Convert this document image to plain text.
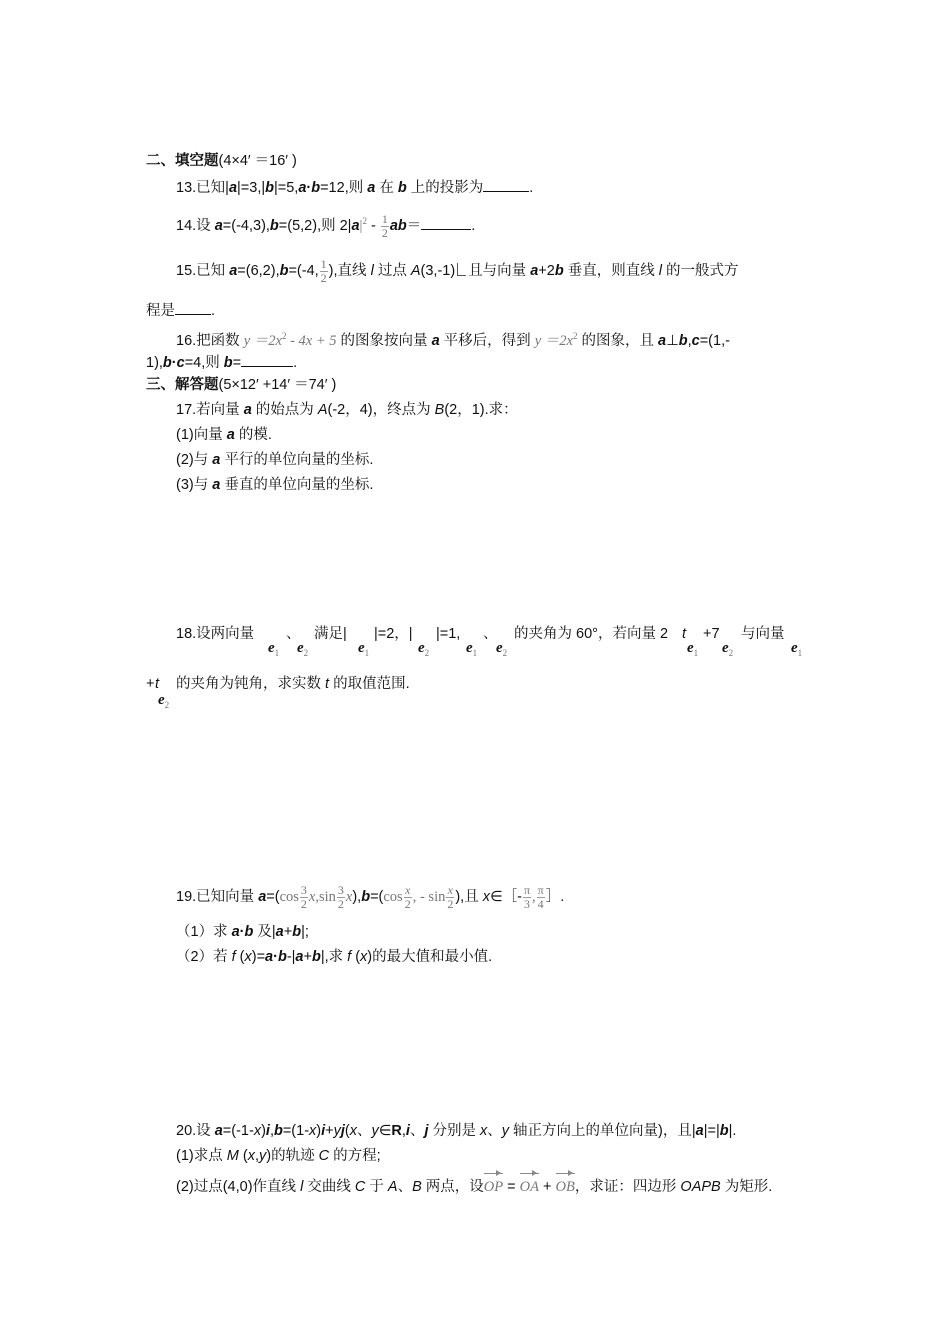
二、填空题(4×4′ ＝16′ )
13.已知|a|=3,|b|=5,a·b=12,则 a 在 b 上的投影为	.
14.设 a=(-4,3),b=(5,2),则 $2|a|^2 - \frac{1}{2} ab=$	.
15.已知 a=(6,2),b=(-4, $\frac{1}{2}$ ),直线 l 过点 A(3,-1) 且与向量 a+2b 垂直，则直线 l 的一般式方
程是 .
16.把函数 $y =2x^2 - 4x + 5$ 的图象按向量 a 平移后，得到 $y =2x^2$ 的图象，且 a⊥b,c=(1,-
1),b·c=4,则 b=	.
三、解答题(5×12′ +14′ ＝74′ )
17.若向量 a 的始点为 A(-2，4)，终点为 B(2，1).求：
(1)向量 a 的模.
(2)与 a 平行的单位向量的坐标.
(3)与 a 垂直的单位向量的坐标.
18.设两向量 、 满足| |=2，| |=1, 、 的夹角为 60°，若向量 2 t +7 与向量
$e_1$ $e_2$	$e_1$	$e_2$ $e_1$ $e_2$	$e_1$ $e_2$	$e_1$
+ t 的夹角为钝角，求实数 t 的取值范围.
$e_2$
19.已知向量 $a=(\cos \frac{3}{2} x,\sin \frac{3}{2} x),b=(\cos \frac{x}{2}$ , - $\sin \frac{x}{2}$ ),且 x∈［- $\frac{\pi}{3}$ , $\frac{\pi}{4}$ ］.
（1）求 a·b 及|a+b|;
（2）若 f (x)=a·b-|a+b|,求 f (x)的最大值和最小值.
20.设 a=(-1-x)i,b=(1-x)i+yj(x、y∈R,i、j 分别是 x、y 轴正方向上的单位向量)，且|a|=|b|.
(1)求点 M (x,y)的轨迹 C 的方程;
(2)过点(4,0)作直线 l 交曲线 C 于 A、B 两点，设OP = OA + OB，求证：四边形 OAPB 为矩形.
